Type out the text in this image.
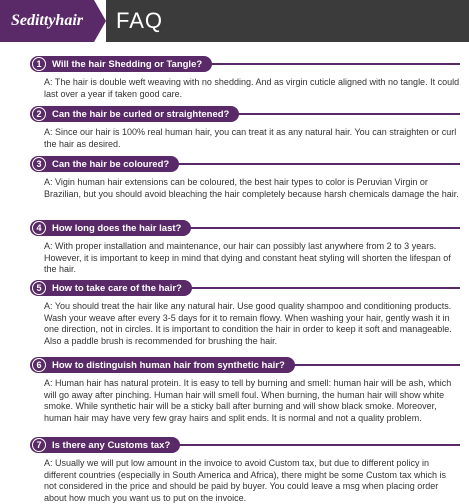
Sedittyhair	FAQ
1	Will the hair Shedding or Tangle?
A: The hair is double weft weaving with no shedding. And as virgin cuticle aligned with no tangle. It could last over a year if taken good care.
2	Can the hair be curled or straightened?
A: Since our hair is 100% real human hair, you can treat it as any natural hair. You can straighten or curl the hair as desired.
3	Can the hair be coloured?
A: Vigin human hair extensions can be coloured, the best hair types to color is Peruvian Virgin or Brazilian, but you should avoid bleaching the hair completely because harsh chemicals damage the hair.
4	How long does the hair last?
A: With proper installation and maintenance, our hair can possibly last anywhere from 2 to 3 years. However, it is important to keep in mind that dying and constant heat styling will shorten the lifespan of the hair.
5	How to take care of the hair?
A: You should treat the hair like any natural hair. Use good quality shampoo and conditioning products. Wash your weave after every 3-5 days for it to remain flowy. When washing your hair, gently wash it in one direction, not in circles. It is important to condition the hair in order to keep it soft and manageable. Also a paddle brush is recommended for brushing the hair.
6	How to distinguish human hair from synthetic hair?
A: Human hair has natural protein. It is easy to tell by burning and smell: human hair will be ash, which will go away after pinching. Human hair will smell foul. When burning, the human hair will show white smoke. While synthetic hair will be a sticky ball after burning and will show black smoke. Moreover, human hair may have very few gray hairs and split ends. It is normal and not a quality problem.
7	Is there any Customs tax?
A: Usually we will put low amount in the invoice to avoid Custom tax, but due to different policy in different countries (especially in South America and Africa), there might be some Custom tax which is not considered in the price and should be paid by buyer. You could leave a msg when placing order about how much you want us to put on the invoice.
